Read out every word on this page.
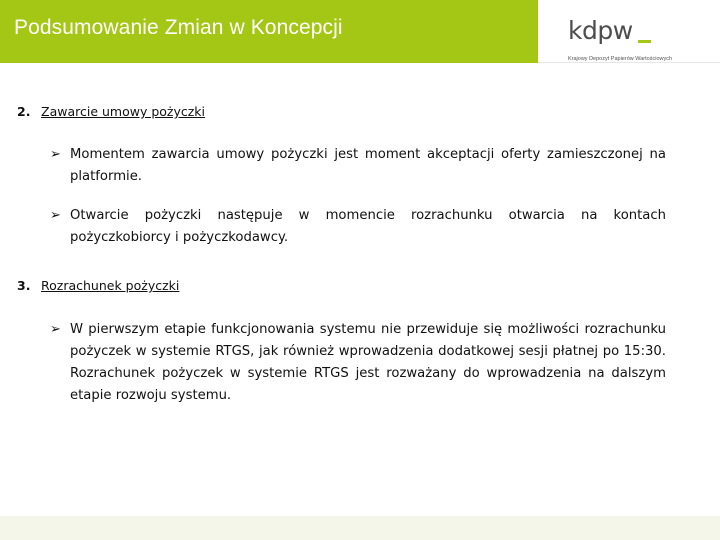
Podsumowanie Zmian w Koncepcji	kdpw
Krajowy Depozyt Papierów Wartościowych
2. Zawarcie umowy pożyczki
➢ Momentem zawarcia umowy pożyczki jest moment akceptacji oferty zamieszczonej na platformie.
➢ Otwarcie pożyczki następuje w momencie rozrachunku otwarcia na kontach pożyczkobiorcy i pożyczkodawcy.
3. Rozrachunek pożyczki
➢ W pierwszym etapie funkcjonowania systemu nie przewiduje się możliwości rozrachunku pożyczek w systemie RTGS, jak również wprowadzenia dodatkowej sesji płatnej po 15:30. Rozrachunek pożyczek w systemie RTGS jest rozważany do wprowadzenia na dalszym etapie rozwoju systemu.
